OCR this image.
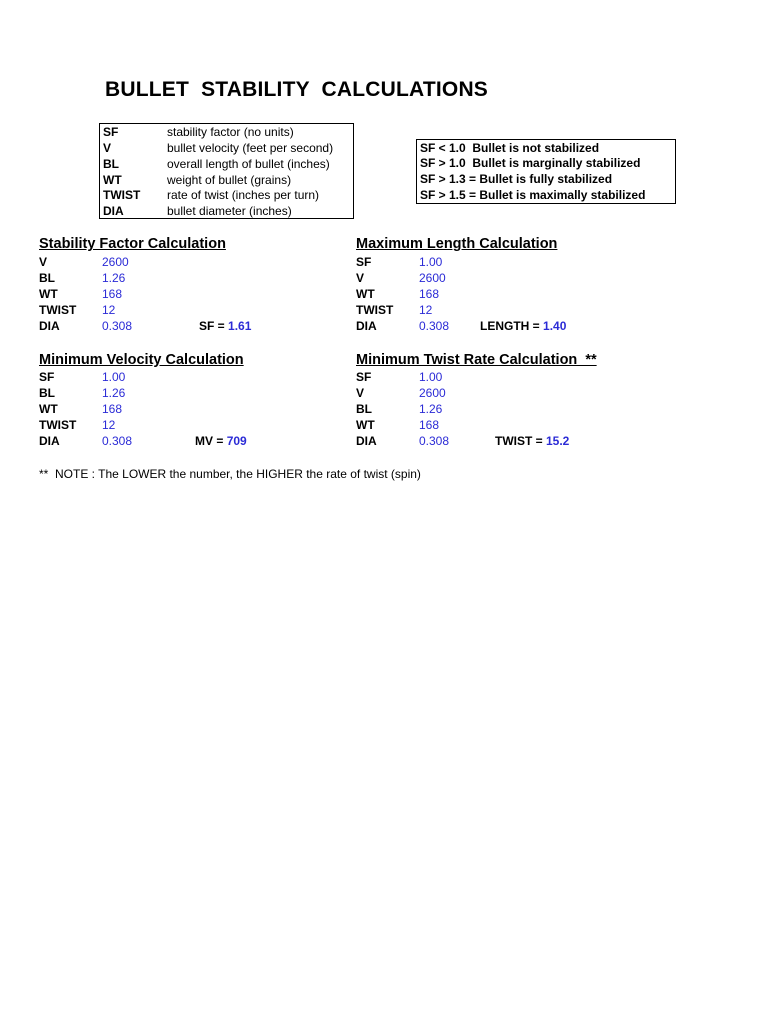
BULLET  STABILITY  CALCULATIONS
SF	stability factor (no units)
V	bullet velocity (feet per second)
BL	overall length of bullet (inches)
WT	weight of bullet (grains)
TWIST rate of twist (inches per turn)
DIA	bullet diameter (inches)
SF < 1.0  Bullet is not stabilized
SF > 1.0  Bullet is marginally stabilized
SF > 1.3 = Bullet is fully stabilized
SF > 1.5 = Bullet is maximally stabilized
Stability Factor Calculation
V	2600
BL	1.26
WT	168
TWIST 12
DIA	0.308	SF = 1.61
Maximum Length Calculation
SF	1.00
V	2600
WT	168
TWIST 12
DIA	0.308	LENGTH = 1.40
Minimum Velocity Calculation
SF	1.00
BL	1.26
WT	168
TWIST 12
DIA	0.308	MV = 709
Minimum Twist Rate Calculation  **
SF	1.00
V	2600
BL	1.26
WT	168
DIA	0.308	TWIST = 15.2
**  NOTE : The LOWER the number, the HIGHER the rate of twist (spin)
